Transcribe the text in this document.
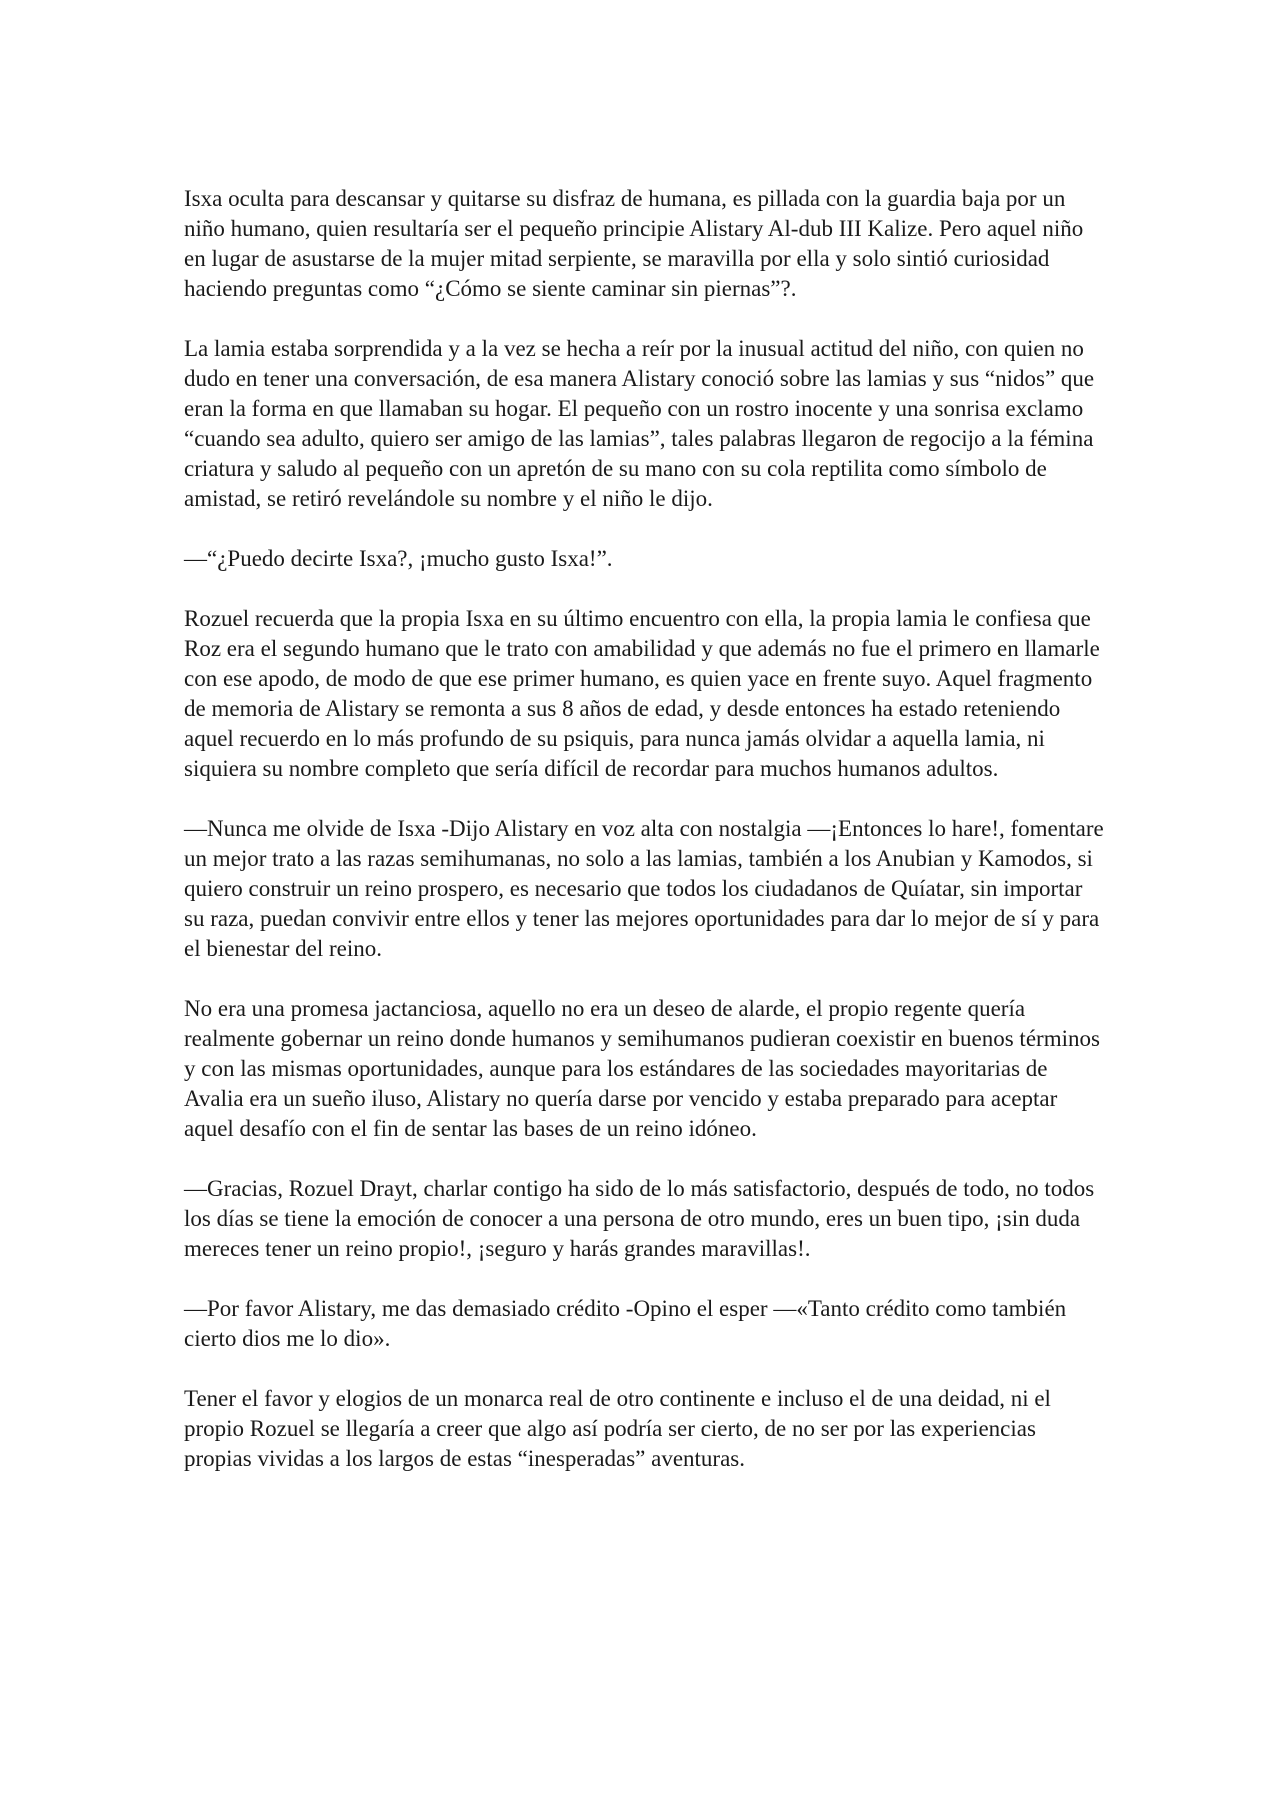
Isxa oculta para descansar y quitarse su disfraz de humana, es pillada con la guardia baja por un niño humano, quien resultaría ser el pequeño principie Alistary Al-dub III Kalize. Pero aquel niño en lugar de asustarse de la mujer mitad serpiente, se maravilla por ella y solo sintió curiosidad haciendo preguntas como “¿Cómo se siente caminar sin piernas”?.

La lamia estaba sorprendida y a la vez se hecha a reír por la inusual actitud del niño, con quien no dudo en tener una conversación, de esa manera Alistary conoció sobre las lamias y sus “nidos” que eran la forma en que llamaban su hogar. El pequeño con un rostro inocente y una sonrisa exclamo “cuando sea adulto, quiero ser amigo de las lamias”, tales palabras llegaron de regocijo a la fémina criatura y saludo al pequeño con un apretón de su mano con su cola reptilita como símbolo de amistad, se retiró revelándole su nombre y el niño le dijo.

—“¿Puedo decirte Isxa?, ¡mucho gusto Isxa!”.

Rozuel recuerda que la propia Isxa en su último encuentro con ella, la propia lamia le confiesa que Roz era el segundo humano que le trato con amabilidad y que además no fue el primero en llamarle con ese apodo, de modo de que ese primer humano, es quien yace en frente suyo. Aquel fragmento de memoria de Alistary se remonta a sus 8 años de edad, y desde entonces ha estado reteniendo aquel recuerdo en lo más profundo de su psiquis, para nunca jamás olvidar a aquella lamia, ni siquiera su nombre completo que sería difícil de recordar para muchos humanos adultos.

—Nunca me olvide de Isxa -Dijo Alistary en voz alta con nostalgia —¡Entonces lo hare!, fomentare un mejor trato a las razas semihumanas, no solo a las lamias, también a los Anubian y Kamodos, si quiero construir un reino prospero, es necesario que todos los ciudadanos de Quíatar, sin importar su raza, puedan convivir entre ellos y tener las mejores oportunidades para dar lo mejor de sí y para el bienestar del reino.

No era una promesa jactanciosa, aquello no era un deseo de alarde, el propio regente quería realmente gobernar un reino donde humanos y semihumanos pudieran coexistir en buenos términos y con las mismas oportunidades, aunque para los estándares de las sociedades mayoritarias de Avalia era un sueño iluso, Alistary no quería darse por vencido y estaba preparado para aceptar aquel desafío con el fin de sentar las bases de un reino idóneo.

—Gracias, Rozuel Drayt, charlar contigo ha sido de lo más satisfactorio, después de todo, no todos los días se tiene la emoción de conocer a una persona de otro mundo, eres un buen tipo, ¡sin duda mereces tener un reino propio!, ¡seguro y harás grandes maravillas!.

—Por favor Alistary, me das demasiado crédito -Opino el esper —«Tanto crédito como también cierto dios me lo dio».

Tener el favor y elogios de un monarca real de otro continente e incluso el de una deidad, ni el propio Rozuel se llegaría a creer que algo así podría ser cierto, de no ser por las experiencias propias vividas a los largos de estas “inesperadas” aventuras.
